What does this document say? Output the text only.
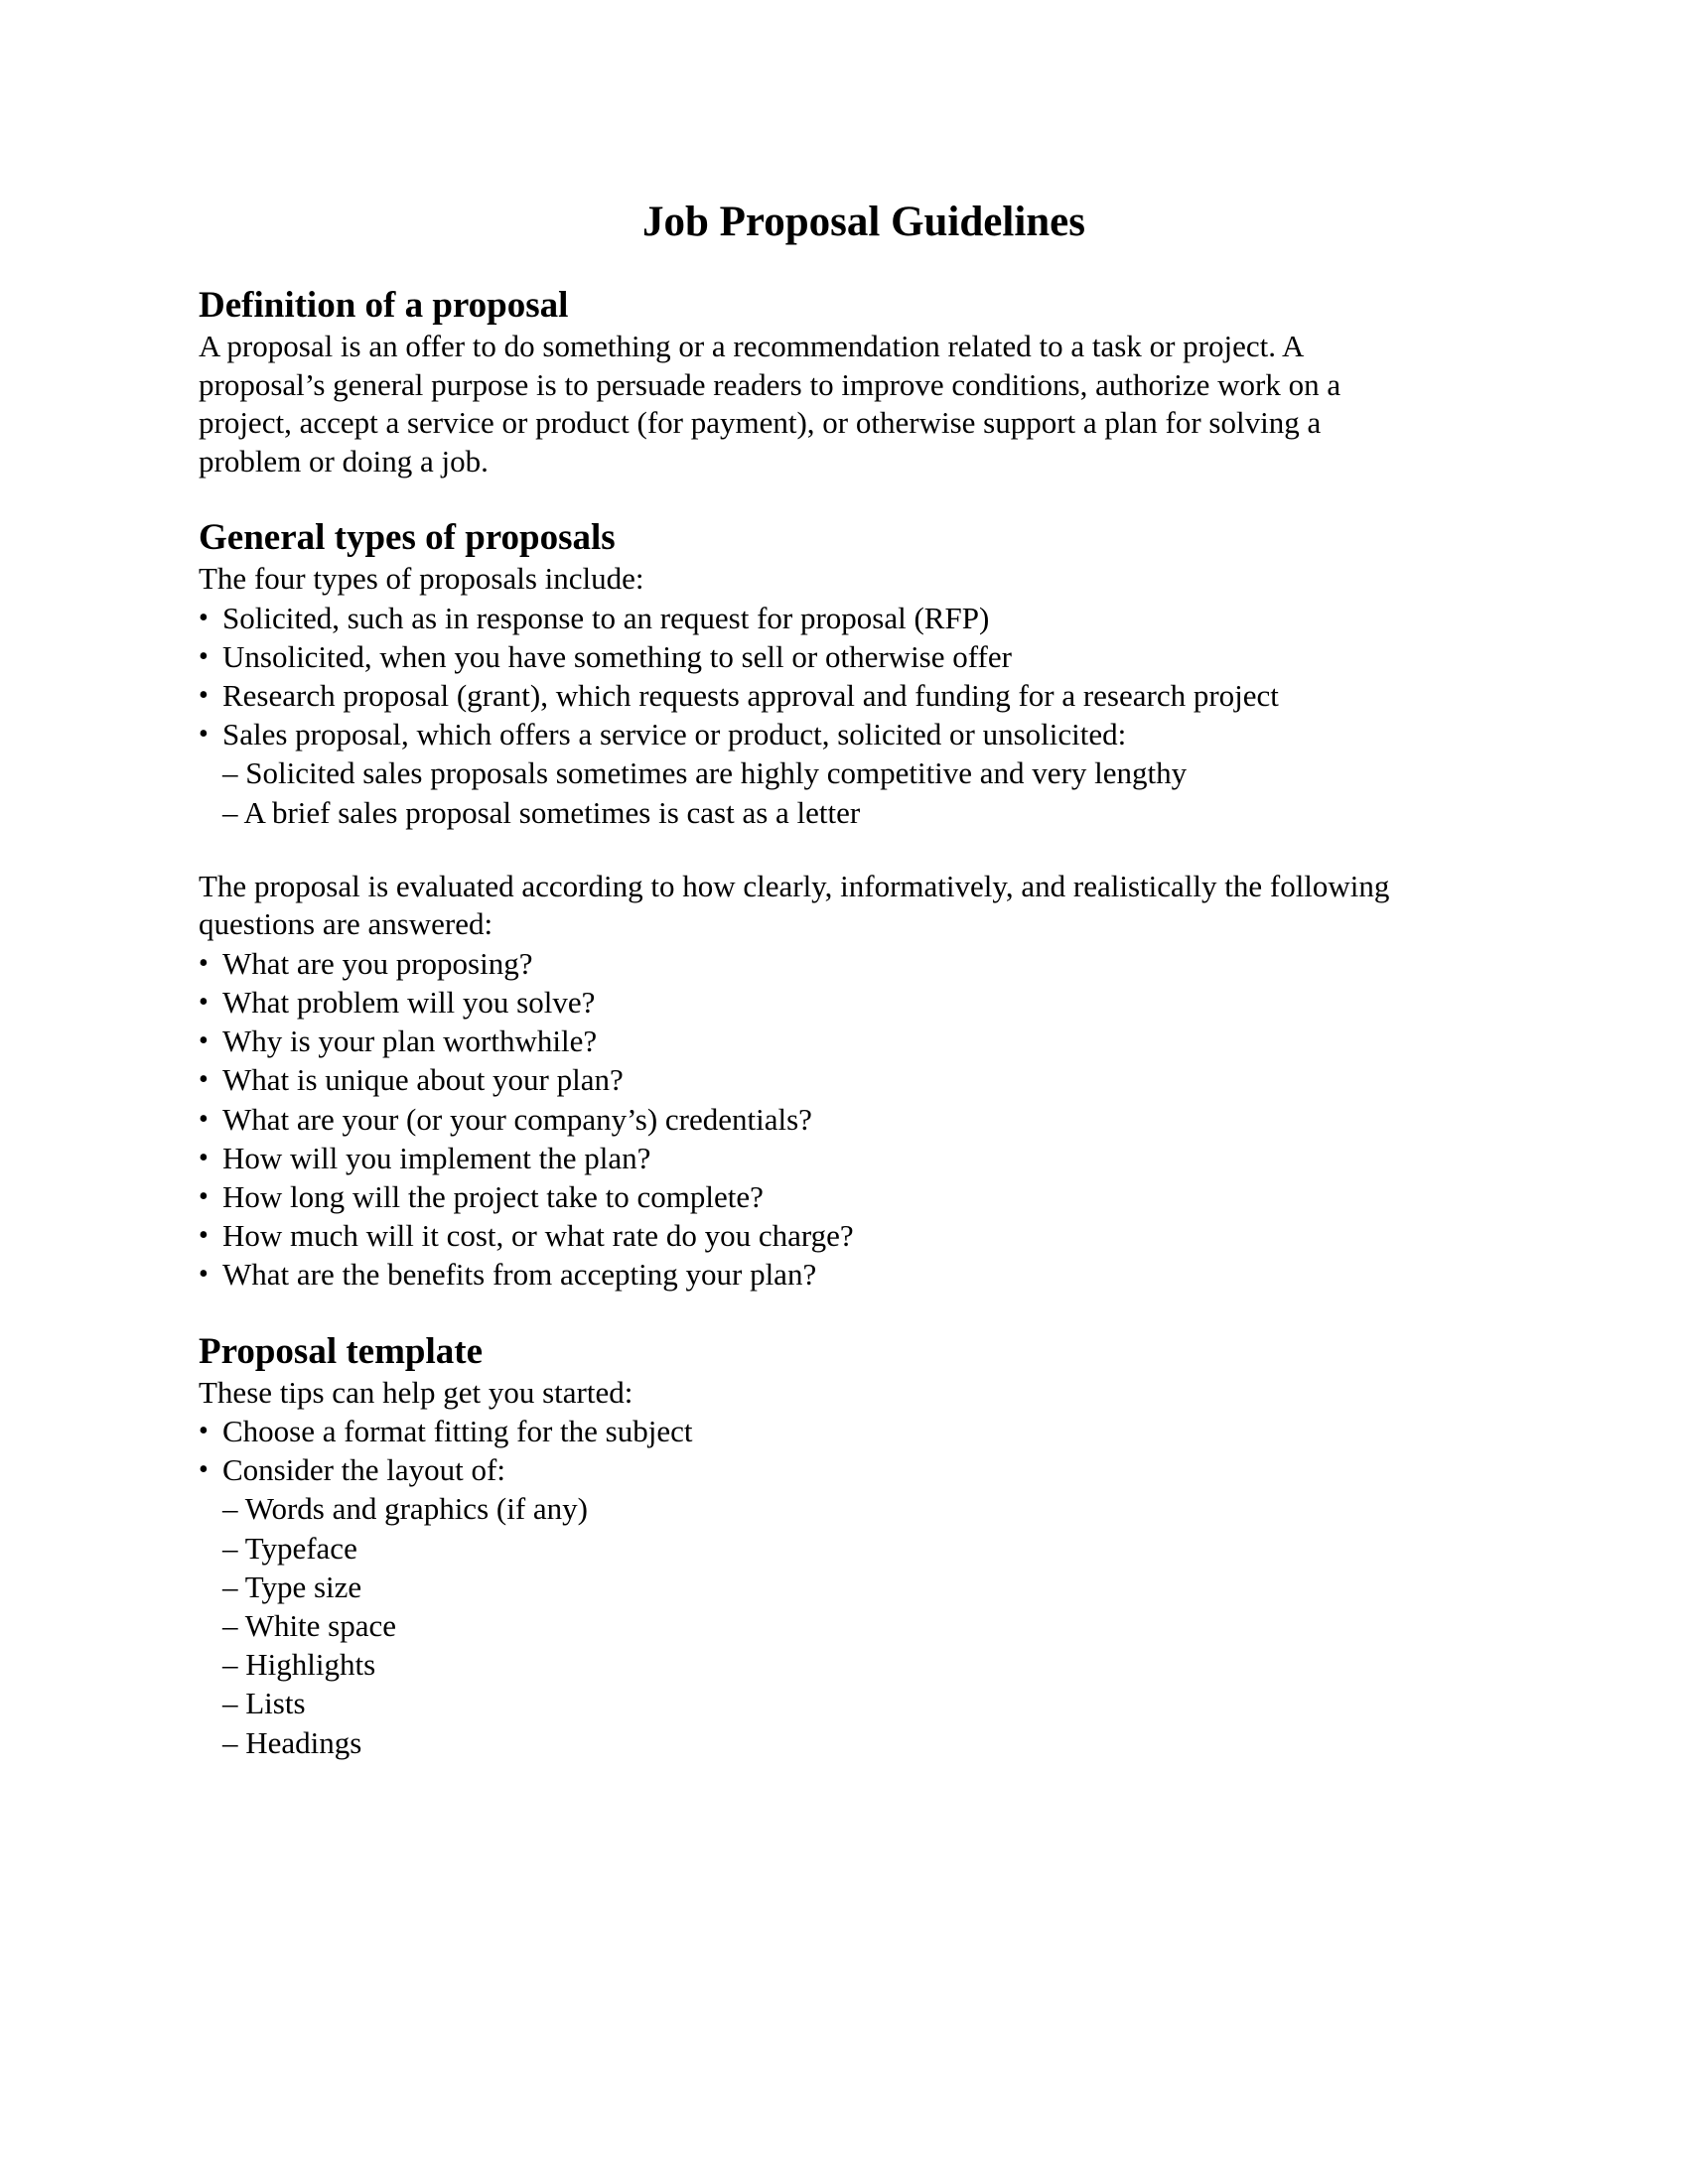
Job Proposal Guidelines
Definition of a proposal

A proposal is an offer to do something or a recommendation related to a task or project. A

proposal’s general purpose is to persuade readers to improve conditions, authorize work on a

project, accept a service or product (for payment), or otherwise support a plan for solving a

problem or doing a job.

General types of proposals

The four types of proposals include:

• Solicited, such as in response to an request for proposal (RFP)
• Unsolicited, when you have something to sell or otherwise offer
• Research proposal (grant), which requests approval and funding for a research project
• Sales proposal, which offers a service or product, solicited or unsolicited:
– Solicited sales proposals sometimes are highly competitive and very lengthy
– A brief sales proposal sometimes is cast as a letter

The proposal is evaluated according to how clearly, informatively, and realistically the following

questions are answered:

• What are you proposing?
• What problem will you solve?
• Why is your plan worthwhile?
• What is unique about your plan?
• What are your (or your company’s) credentials?
• How will you implement the plan?
• How long will the project take to complete?
• How much will it cost, or what rate do you charge?
• What are the benefits from accepting your plan?
Proposal template

These tips can help get you started:

• Choose a format fitting for the subject
• Consider the layout of:
– Words and graphics (if any)
– Typeface
– Type size
– White space
– Highlights
– Lists
– Headings
